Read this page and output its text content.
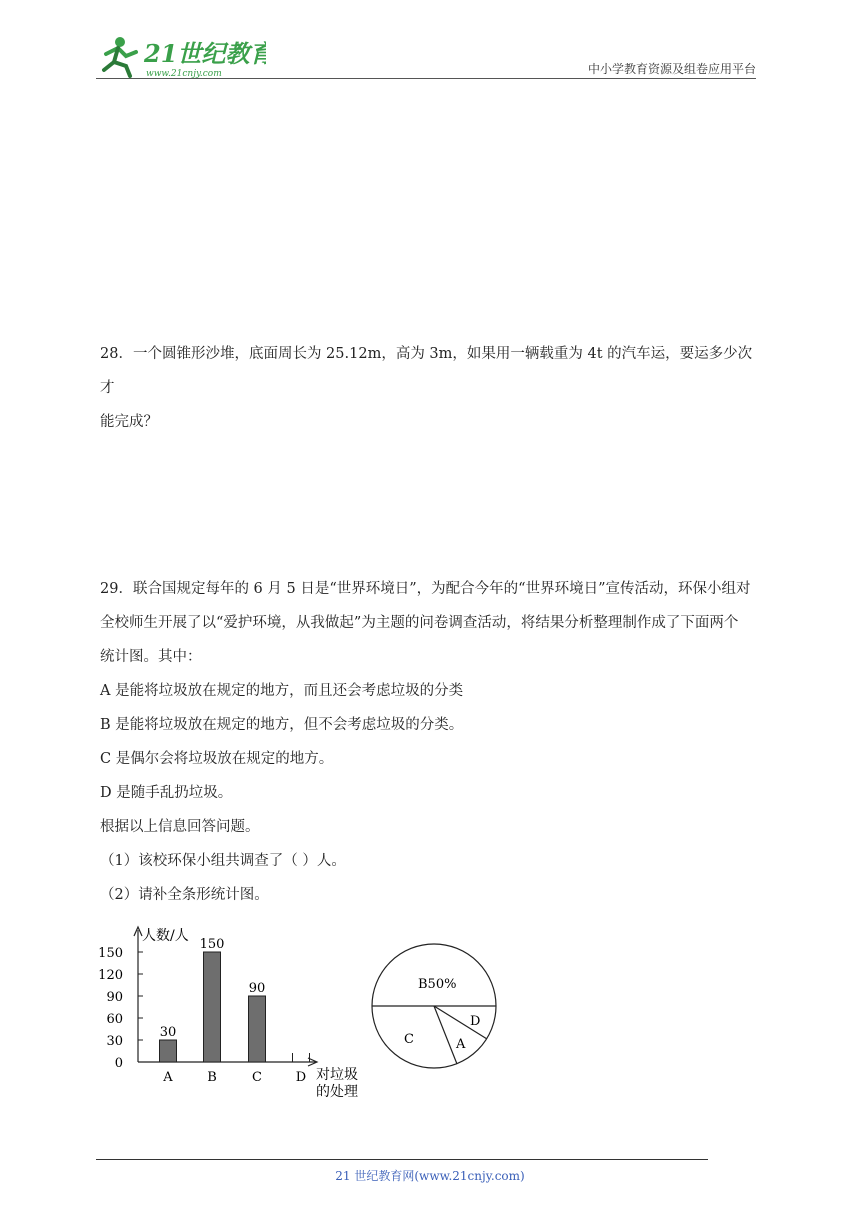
21世纪教育
www.21cnjy.com	中小学教育资源及组卷应用平台

28．一个圆锥形沙堆，底面周长为 25.12m，高为 3m，如果用一辆载重为 4t 的汽车运，要运多少次才

能完成？

29．联合国规定每年的 6 月 5 日是“世界环境日”，为配合今年的“世界环境日”宣传活动，环保小组对

全校师生开展了以“爱护环境，从我做起”为主题的问卷调查活动，将结果分析整理制作成了下面两个

统计图。其中：

A 是能将垃圾放在规定的地方，而且还会考虑垃圾的分类

B 是能将垃圾放在规定的地方，但不会考虑垃圾的分类。

C 是偶尔会将垃圾放在规定的地方。

D 是随手乱扔垃圾。

根据以上信息回答问题。

（1）该校环保小组共调查了（ ）人。

（2）请补全条形统计图。

人数/人
对垃圾
的处理
0
30
60
90
120
150
A	B	C	D
30
150
90	B50%
D
A
C
21 世纪教育网(www.21cnjy.com)
